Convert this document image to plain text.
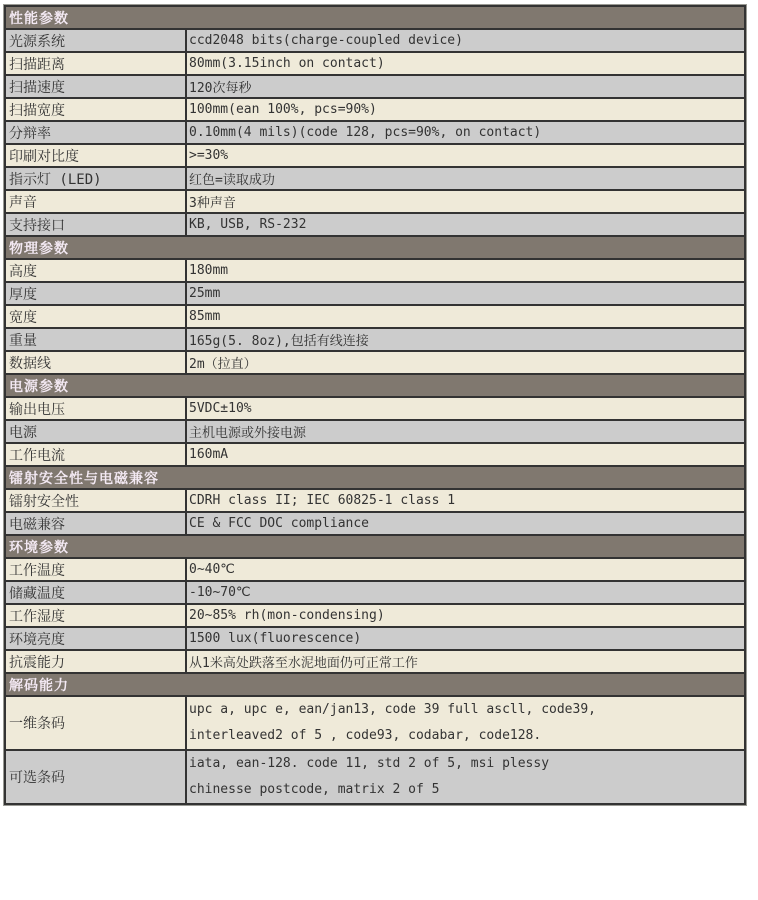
性能参数	
光源系统	ccd2048 bits(charge-coupled device)
扫描距离	80mm(3.15inch on contact)
扫描速度	120次每秒
扫描宽度	100mm(ean 100%, pcs=90%)
分辩率	0.10mm(4 mils)(code 128, pcs=90%, on contact)
印刷对比度	>=30%
指示灯 (LED)	红色=读取成功
声音	3种声音
支持接口	KB, USB, RS-232
物理参数	
高度	180mm
厚度	25mm
宽度	85mm
重量	165g(5. 8oz),包括有线连接
数据线	2m（拉直）
电源参数	
输出电压	5VDC±10%
电源	主机电源或外接电源
工作电流	160mA
镭射安全性与电磁兼容	
镭射安全性	CDRH class II; IEC 60825-1 class 1
电磁兼容	CE & FCC DOC compliance
环境参数	
工作温度	0~40℃
储藏温度	-10~70℃
工作湿度	20~85% rh(mon-condensing)
环境亮度	1500 lux(fluorescence)
抗震能力	从1米高处跌落至水泥地面仍可正常工作
解码能力	
一维条码	upc a, upc e, ean/jan13, code 39 full ascll, code39,
interleaved2 of 5 , code93, codabar, code128.

可选条码	iata, ean-128. code 11, std 2 of 5, msi plessy
chinesse postcode, matrix 2 of 5
